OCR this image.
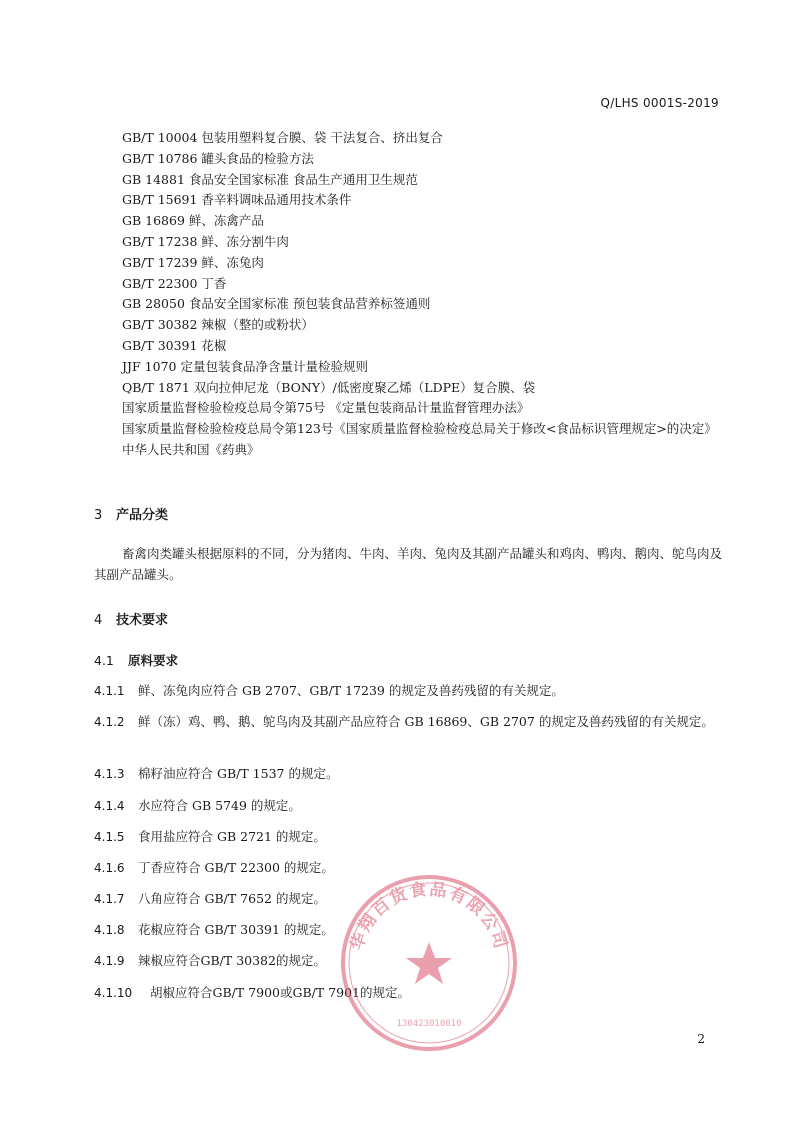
Q/LHS 0001S-2019
GB/T 10004 包装用塑料复合膜、袋 干法复合、挤出复合
GB/T 10786 罐头食品的检验方法
GB 14881 食品安全国家标准 食品生产通用卫生规范
GB/T 15691 香辛料调味品通用技术条件
GB 16869 鲜、冻禽产品
GB/T 17238 鲜、冻分割牛肉
GB/T 17239 鲜、冻兔肉
GB/T 22300 丁香
GB 28050 食品安全国家标准 预包装食品营养标签通则
GB/T 30382 辣椒（整的或粉状）
GB/T 30391 花椒
JJF 1070 定量包装食品净含量计量检验规则
QB/T 1871 双向拉伸尼龙（BONY）/低密度聚乙烯（LDPE）复合膜、袋
国家质量监督检验检疫总局令第75号 《定量包装商品计量监督管理办法》
国家质量监督检验检疫总局令第123号《国家质量监督检验检疫总局关于修改<食品标识管理规定>的决定》
中华人民共和国《药典》
3 产品分类
畜禽肉类罐头根据原料的不同，分为猪肉、牛肉、羊肉、兔肉及其副产品罐头和鸡肉、鸭肉、鹅肉、鸵鸟肉及其副产品罐头。
4 技术要求
4.1 原料要求
4.1.1 鲜、冻兔肉应符合 GB 2707、GB/T 17239 的规定及兽药残留的有关规定。
4.1.2 鲜（冻）鸡、鸭、鹅、鸵鸟肉及其副产品应符合 GB 16869、GB 2707 的规定及兽药残留的有关规定。
4.1.3 棉籽油应符合 GB/T 1537 的规定。
4.1.4 水应符合 GB 5749 的规定。
4.1.5 食用盐应符合 GB 2721 的规定。
4.1.6 丁香应符合 GB/T 22300 的规定。
4.1.7 八角应符合 GB/T 7652 的规定。
4.1.8 花椒应符合 GB/T 30391 的规定。
4.1.9 辣椒应符合GB/T 30382的规定。
4.1.10 胡椒应符合GB/T 7900或GB/T 7901的规定。
华翔百货食品有限公司
130423010810
2
